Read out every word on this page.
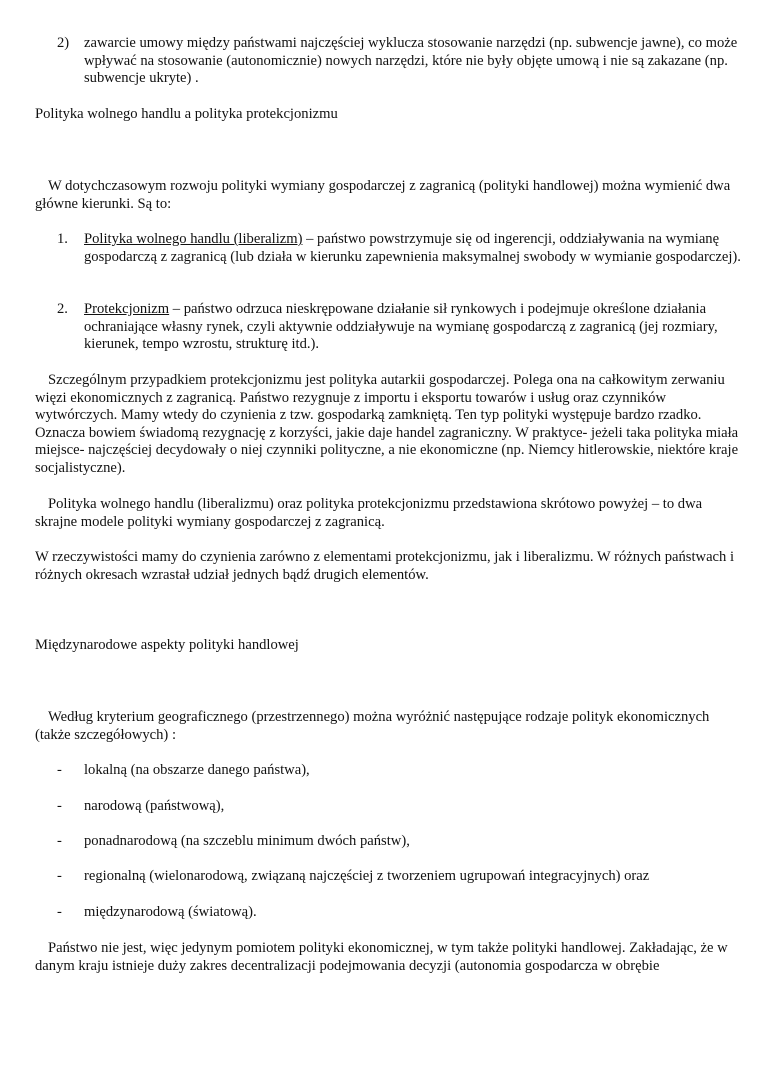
2) zawarcie umowy między państwami najczęściej wyklucza stosowanie narzędzi (np. subwencje jawne), co może wpływać na stosowanie (autonomicznie) nowych narzędzi, które nie były objęte umową i nie są zakazane (np. subwencje ukryte) .

Polityka wolnego handlu a polityka protekcjonizmu

W dotychczasowym rozwoju polityki wymiany gospodarczej z zagranicą (polityki handlowej) można wymienić dwa główne kierunki. Są to:

1. Polityka wolnego handlu (liberalizm) – państwo powstrzymuje się od ingerencji, oddziaływania na wymianę gospodarczą z zagranicą (lub działa w kierunku zapewnienia maksymalnej swobody w wymianie gospodarczej).
2. Protekcjonizm – państwo odrzuca nieskrępowane działanie sił rynkowych i podejmuje określone działania ochraniające własny rynek, czyli aktywnie oddziaływuje na wymianę gospodarczą z zagranicą (jej rozmiary, kierunek, tempo wzrostu, strukturę itd.).

Szczególnym przypadkiem protekcjonizmu jest polityka autarkii gospodarczej. Polega ona na całkowitym zerwaniu więzi ekonomicznych z zagranicą. Państwo rezygnuje z importu i eksportu towarów i usług oraz czynników wytwórczych. Mamy wtedy do czynienia z tzw. gospodarką zamkniętą. Ten typ polityki występuje bardzo rzadko. Oznacza bowiem świadomą rezygnację z korzyści, jakie daje handel zagraniczny. W praktyce- jeżeli taka polityka miała miejsce- najczęściej decydowały o niej czynniki polityczne, a nie ekonomiczne (np. Niemcy hitlerowskie, niektóre kraje socjalistyczne).

Polityka wolnego handlu (liberalizmu) oraz polityka protekcjonizmu przedstawiona skrótowo powyżej – to dwa skrajne modele polityki wymiany gospodarczej z zagranicą.

W rzeczywistości mamy do czynienia zarówno z elementami protekcjonizmu, jak i liberalizmu. W różnych państwach i różnych okresach wzrastał udział jednych bądź drugich elementów.

Międzynarodowe aspekty polityki handlowej

Według kryterium geograficznego (przestrzennego) można wyróżnić następujące rodzaje polityk ekonomicznych (także szczegółowych) :

- lokalną (na obszarze danego państwa),
- narodową (państwową),
- ponadnarodową (na szczeblu minimum dwóch państw),
- regionalną (wielonarodową, związaną najczęściej z tworzeniem ugrupowań integracyjnych) oraz
- międzynarodową (światową).

Państwo nie jest, więc jedynym pomiotem polityki ekonomicznej, w tym także polityki handlowej. Zakładając, że w danym kraju istnieje duży zakres decentralizacji podejmowania decyzji (autonomia gospodarcza w obrębie
